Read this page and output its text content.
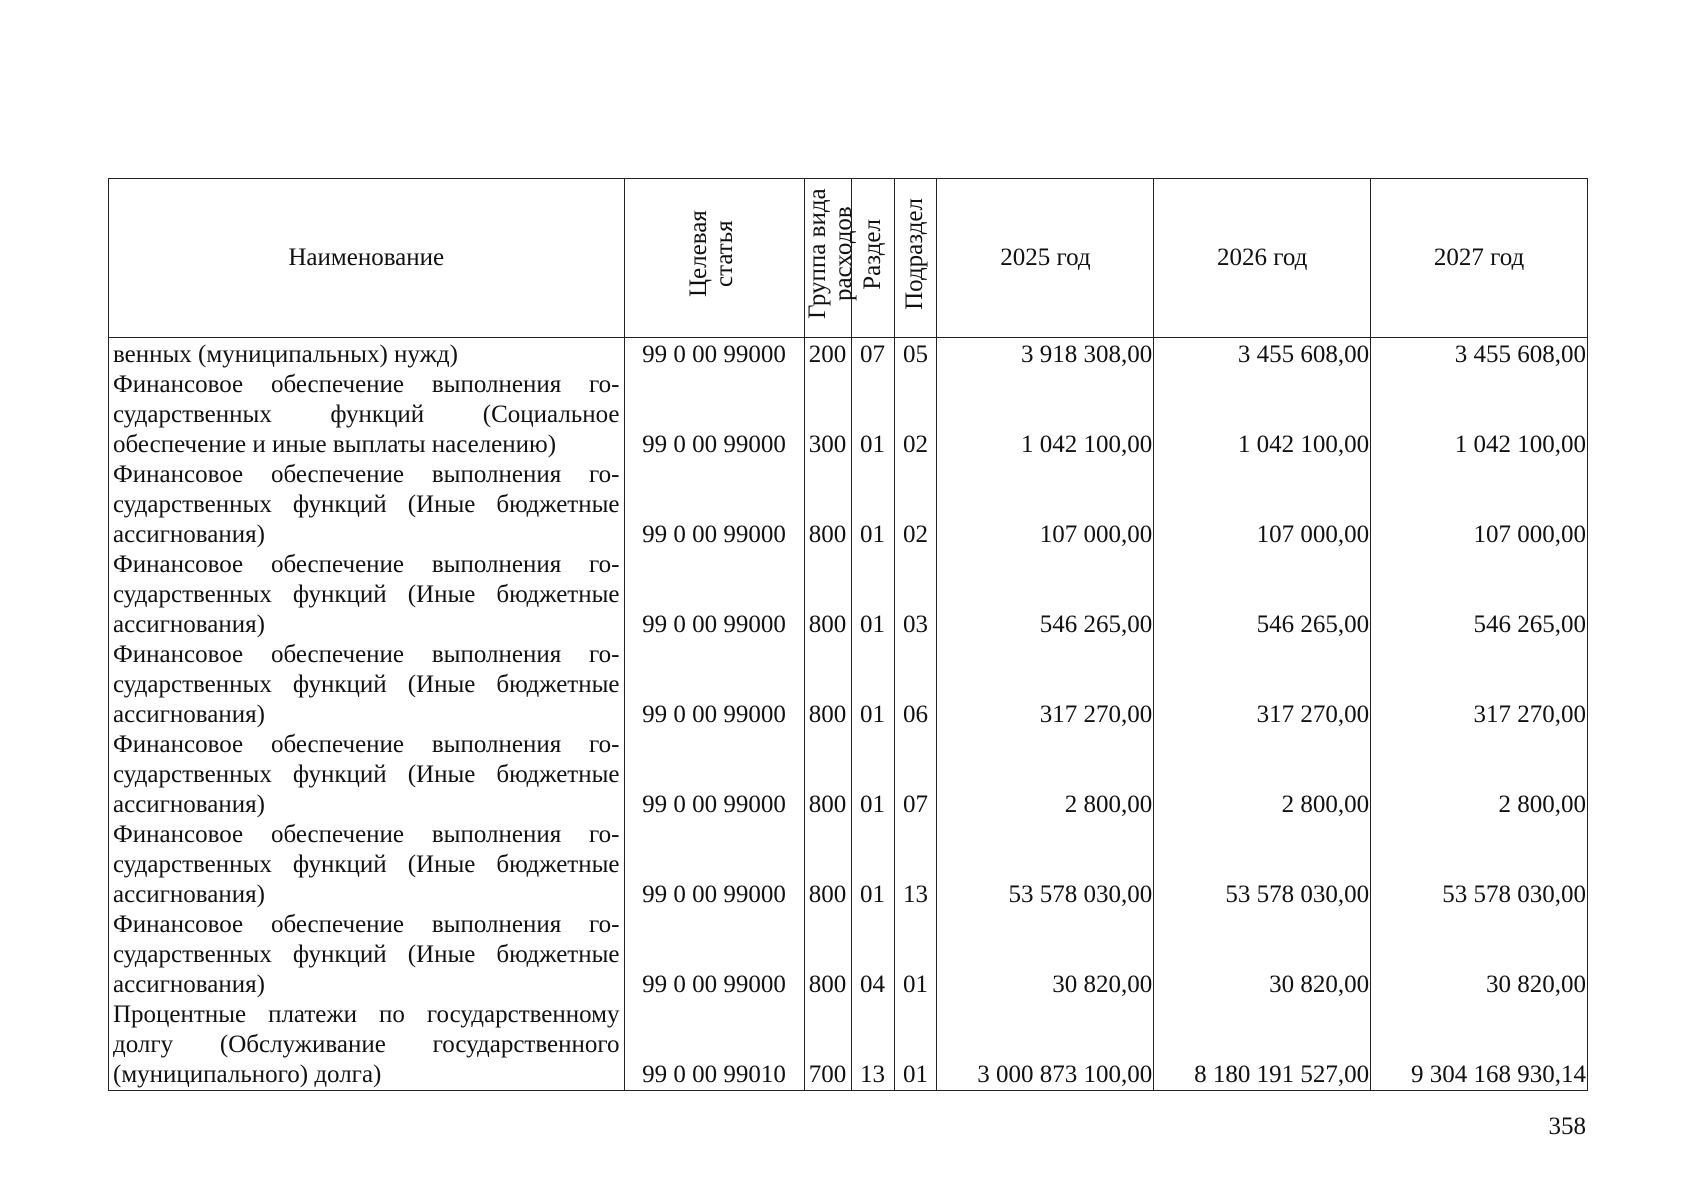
Наименование	Целевая статья	Группа вида расходов	Раздел	Подраздел	2025 год	2026 год	2027 год
венных (муниципальных) нужд)	99 0 00 99000	200	07	05	3 918 308,00	3 455 608,00	3 455 608,00
Финансовое обеспечение выполнения государственных функций (Социальное обеспечение и иные выплаты населению)	99 0 00 99000	300	01	02	1 042 100,00	1 042 100,00	1 042 100,00
Финансовое обеспечение выполнения государственных функций (Иные бюджетные ассигнования)	99 0 00 99000	800	01	02	107 000,00	107 000,00	107 000,00
Финансовое обеспечение выполнения государственных функций (Иные бюджетные ассигнования)	99 0 00 99000	800	01	03	546 265,00	546 265,00	546 265,00
Финансовое обеспечение выполнения государственных функций (Иные бюджетные ассигнования)	99 0 00 99000	800	01	06	317 270,00	317 270,00	317 270,00
Финансовое обеспечение выполнения государственных функций (Иные бюджетные ассигнования)	99 0 00 99000	800	01	07	2 800,00	2 800,00	2 800,00
Финансовое обеспечение выполнения государственных функций (Иные бюджетные ассигнования)	99 0 00 99000	800	01	13	53 578 030,00	53 578 030,00	53 578 030,00
Финансовое обеспечение выполнения государственных функций (Иные бюджетные ассигнования)	99 0 00 99000	800	04	01	30 820,00	30 820,00	30 820,00
Процентные платежи по государственному долгу (Обслуживание государственного (муниципального) долга)	99 0 00 99010	700	13	01	3 000 873 100,00	8 180 191 527,00	9 304 168 930,14
358
